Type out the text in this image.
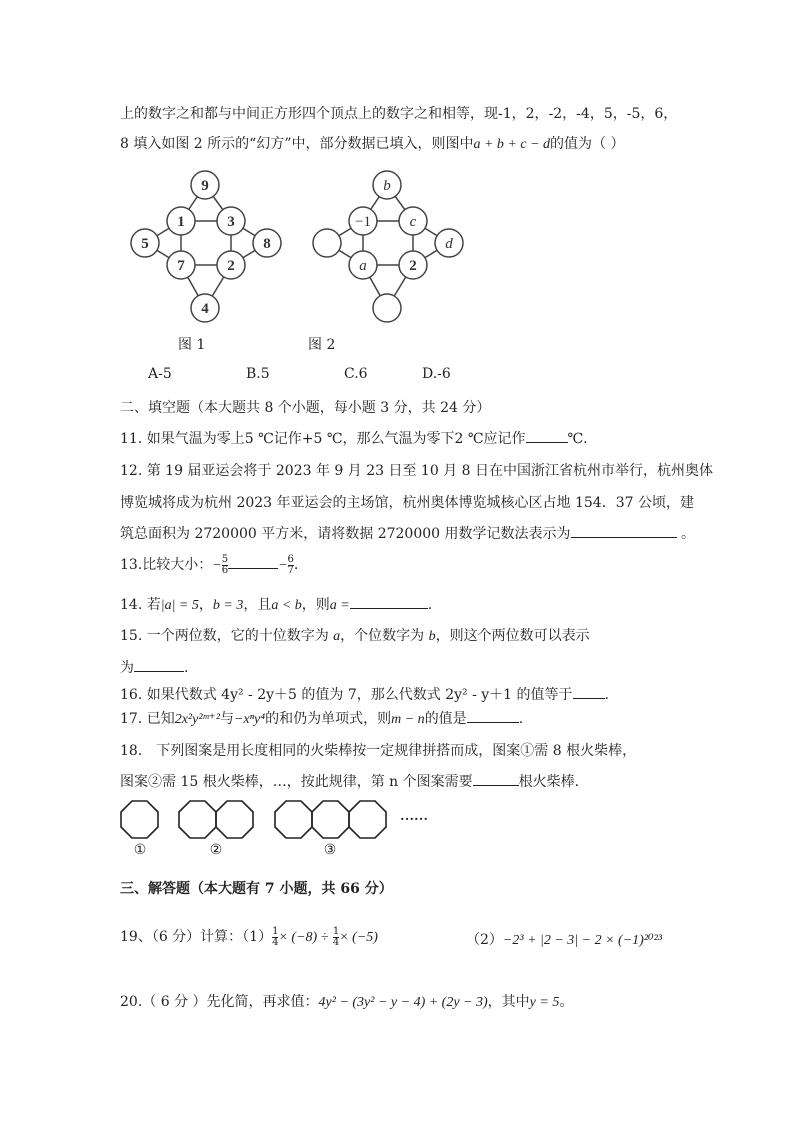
上的数字之和都与中间正方形四个顶点上的数字之和相等，现-1，2，-2，-4，5，-5，6，
8 填入如图 2 所示的“幻方”中，部分数据已填入，则图中a + b + c − d的值为（ ）
9
1	3
5	8
7	2
4
b
−1	c
d
a	2
图 1	图 2
A-5	B.5	C.6	D.-6
二、填空题（本大题共 8 个小题，每小题 3 分，共 24 分）
11. 如果气温为零上5 ℃记作+5 ℃，那么气温为零下2 ℃应记作	℃.
12. 第 19 届亚运会将于 2023 年 9 月 23 日至 10 月 8 日在中国浙江省杭州市举行，杭州奥体
博览城将成为杭州 2023 年亚运会的主场馆，杭州奥体博览城核心区占地 154．37 公顷，建
筑总面积为 2720000 平方米，请将数据 2720000 用数学记数法表示为	。
13.比较大小：− $\frac{5}{6}$	− $\frac{6}{7}$ .
14. 若|a| = 5，b = 3，且a < b，则a =	.
15. 一个两位数，它的十位数字为 a，个位数字为 b，则这个两位数可以表示
为	.
16. 如果代数式 4y² - 2y＋5 的值为 7，那么代数式 2y² - y＋1 的值等于 .
17. 已知2x²y²ᵐ⁺²与−xⁿy⁴的和仍为单项式，则m − n的值是	.
18． 下列图案是用长度相同的火柴棒按一定规律拼搭而成，图案①需 8 根火柴棒，
图案②需 15 根火柴棒，…，按此规律，第 n 个图案需要	根火柴棒.
①	②	③
……
三、解答题（本大题有 7 小题，共 66 分）
19、（6 分）计算：$(1) \frac{1}{4} \times (-8) \div \frac{1}{4} \times (-5)$	（2）−2³ + |2 − 3| − 2 × (−1)²⁰²³
20.（ 6 分 ）先化简，再求值：4y² − (3y² − y − 4) + (2y − 3)，其中y = 5。
